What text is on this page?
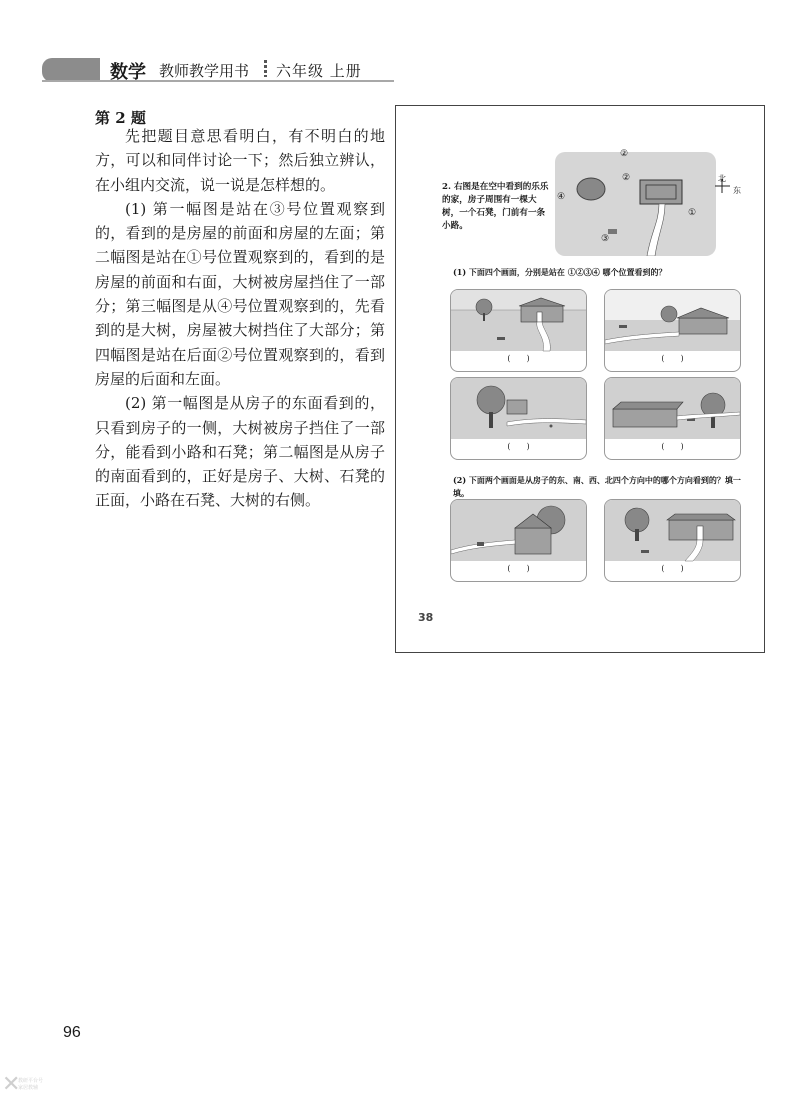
数学 教师教学用书 六年级 上册
第 2 题

先把题目意思看明白，有不明白的地方，可以和同伴讨论一下；然后独立辨认，在小组内交流，说一说是怎样想的。

(1) 第一幅图是站在③号位置观察到的，看到的是房屋的前面和房屋的左面；第二幅图是站在①号位置观察到的，看到的是房屋的前面和右面，大树被房屋挡住了一部分；第三幅图是从④号位置观察到的，先看到的是大树，房屋被大树挡住了大部分；第四幅图是站在后面②号位置观察到的，看到房屋的后面和左面。

(2) 第一幅图是从房子的东面看到的，只看到房子的一侧，大树被房子挡住了一部分，能看到小路和石凳；第二幅图是从房子的南面看到的，正好是房子、大树、石凳的正面，小路在石凳、大树的右侧。

2. 右图是在空中看到的乐乐的家，房子周围有一棵大树，一个石凳，门前有一条小路。
②
④
①
③
②
北
东
(1) 下面四个画面，分别是站在 ①②③④ 哪个位置看到的？
(　　)	(　　)
(　　)	(　　)
(2) 下面两个画面是从房子的东、南、西、北四个方向中的哪个方向看到的？填一填。
(　　)	(　　)
38
96
✕
教研平台号
家居教辅
